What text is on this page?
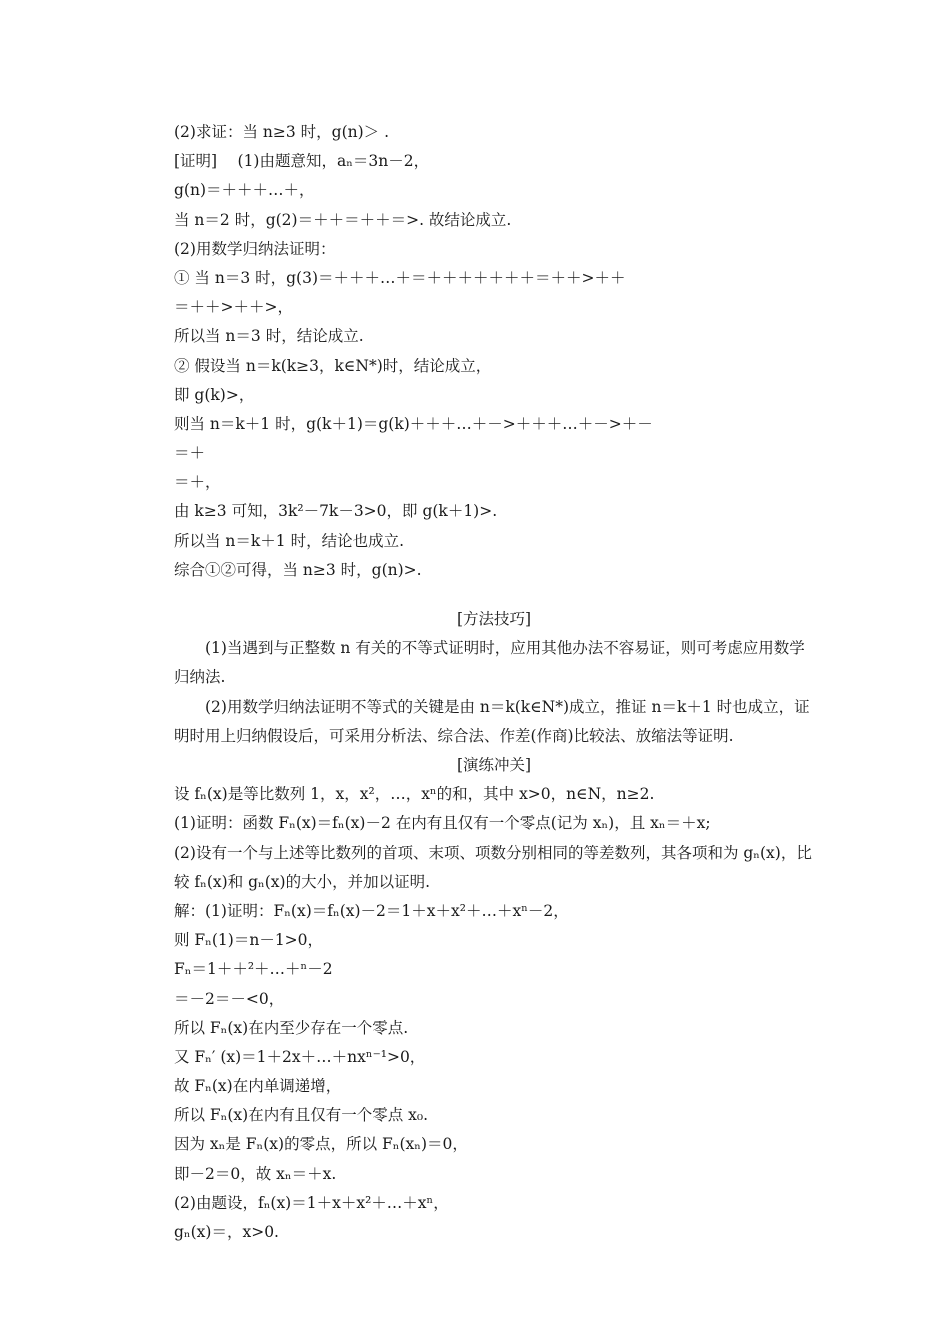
(2)求证：当 n≥3 时，g(n)＞ .
[证明]　 (1)由题意知，aₙ＝3n－2，
g(n)＝＋＋＋…＋，
当 n＝2 时，g(2)＝＋＋＝＋＋＝>. 故结论成立.
(2)用数学归纳法证明：
① 当 n＝3 时，g(3)＝＋＋＋…＋＝＋＋＋＋＋＋＋＝＋＋>＋＋
＝＋＋>＋＋>，
所以当 n＝3 时，结论成立.
② 假设当 n＝k(k≥3，k∈N*)时，结论成立，
即 g(k)>，
则当 n＝k＋1 时，g(k＋1)＝g(k)＋＋＋…＋－>＋＋＋…＋－>＋－
＝＋
＝＋，
由 k≥3 可知，3k²－7k－3>0，即 g(k＋1)>.
所以当 n＝k＋1 时，结论也成立.
综合①②可得，当 n≥3 时，g(n)>.
[方法技巧]
(1)当遇到与正整数 n 有关的不等式证明时，应用其他办法不容易证，则可考虑应用数学归纳法.
(2)用数学归纳法证明不等式的关键是由 n＝k(k∈N*)成立，推证 n＝k＋1 时也成立，证明时用上归纳假设后，可采用分析法、综合法、作差(作商)比较法、放缩法等证明.
[演练冲关]
设 fₙ(x)是等比数列 1，x，x²，…，xⁿ的和，其中 x>0，n∈N，n≥2.
(1)证明：函数 Fₙ(x)＝fₙ(x)－2 在内有且仅有一个零点(记为 xₙ)，且 xₙ＝＋x;
(2)设有一个与上述等比数列的首项、末项、项数分别相同的等差数列，其各项和为 gₙ(x)，比较 fₙ(x)和 gₙ(x)的大小，并加以证明.
解：(1)证明：Fₙ(x)＝fₙ(x)－2＝1＋x＋x²＋…＋xⁿ－2，
则 Fₙ(1)＝n－1>0，
Fₙ＝1＋＋²＋…＋ⁿ－2
＝－2＝－<0，
所以 Fₙ(x)在内至少存在一个零点.
又 Fₙ′ (x)＝1＋2x＋…＋nxⁿ⁻¹>0，
故 Fₙ(x)在内单调递增，
所以 Fₙ(x)在内有且仅有一个零点 x₀.
因为 xₙ是 Fₙ(x)的零点，所以 Fₙ(xₙ)＝0，
即－2＝0，故 xₙ＝＋x.
(2)由题设，fₙ(x)＝1＋x＋x²＋…＋xⁿ，
gₙ(x)＝，x>0.
